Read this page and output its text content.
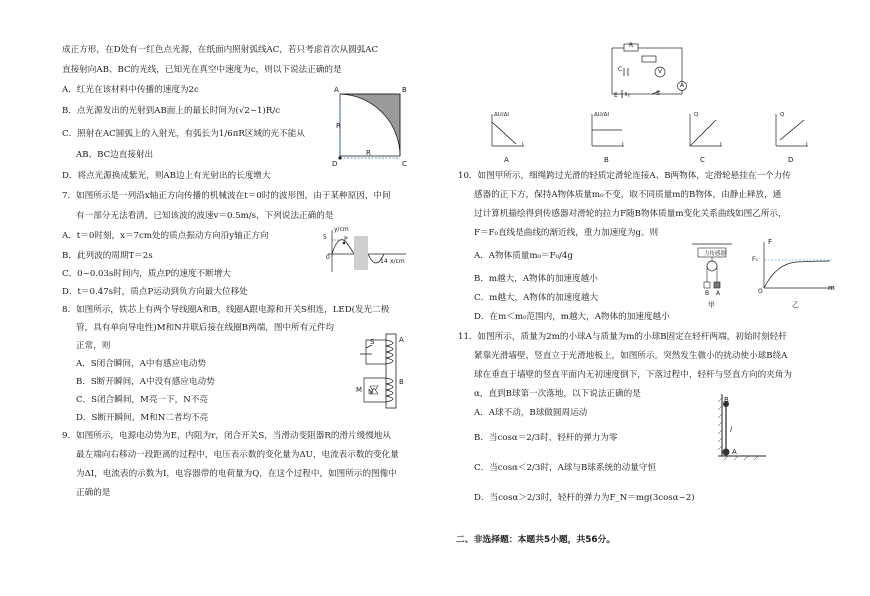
成正方形，在D处有一红色点光源，在纸面内照射弧线AC，若只考虑首次从圆弧AC
直接射向AB、BC的光线，已知光在真空中速度为c，则以下说法正确的是
A．红光在该材料中传播的速度为2c
B．点光源发出的光射到AB面上的最长时间为(√2−1)R/c
C．照射在AC圆弧上的入射光，有弧长为1/6πR区域的光不能从
AB、BC边直接射出
D．将点光源换成紫光，则AB边上有光射出的长度增大
A	B
C
D
R
R
7．如图所示是一列沿x轴正方向传播的机械波在t＝0时的波形图，由于某种原因，中间
有一部分无法看清，已知该波的波速v＝0.5m/s，下列说法正确的是
A．t＝0时刻，x＝7cm处的质点振动方向沿y轴正方向
B．此列波的周期T＝2s
C．0~0.03s时间内，质点P的速度不断增大
D．t＝0.47s时，质点P运动到负方向最大位移处
y/cm
x/cm
5
0
14
P
8．如图所示，铁芯上有两个导线圈A和B，线圈A跟电源和开关S相连，LED(发光二极
管，具有单向导电性)M和N并联后接在线圈B两端，图中所有元件均
正常，则
A．S闭合瞬间，A中有感应电动势
B．S断开瞬间，A中没有感应电动势
C．S闭合瞬间，M亮一下，N不亮
D．S断开瞬间，M和N二者均不亮
S	A
B
M N
9．如图所示，电源电动势为E，内阻为r，闭合开关S，当滑动变阻器R的滑片缓慢地从
最左端向右移动一段距离的过程中，电压表示数的变化量为ΔU，电流表示数的变化量
为ΔI，电流表的示数为I，电容器带的电荷量为Q，在这个过程中，如图所示的图像中
正确的是
R
C	V
A
E r	S
ΔU/ΔI
I
A
ΔU/ΔI
I
B
Q
I
C
Q
I
D
10．如图甲所示，细绳跨过光滑的轻质定滑轮连接A、B两物体，定滑轮悬挂在一个力传
感器的正下方，保持A物体质量m₀不变，取不同质量m的B物体，由静止释放，通
过计算机描绘得到传感器对滑轮的拉力F随B物体质量m变化关系曲线如图乙所示，
F＝F₀直线是曲线的渐近线，重力加速度为g。则
A．A物体质量m₀＝F₀/4g
B．m越大，A物体的加速度越小
C．m越大，A物体的加速度越大
D．在m＜m₀范围内，m越大，A物体的加速度越小
力传感器
B A
甲
F
F₀
O	m
乙
11．如图所示，质量为2m的小球A与质量为m的小球B固定在轻杆两端，初始时刻轻杆
紧靠光滑墙壁，竖直立于光滑地板上，如图所示。突然发生微小的扰动使小球B绕A
球在垂直于墙壁的竖直平面内无初速度倒下，下落过程中，轻杆与竖直方向的夹角为
α，直到B球第一次落地，以下说法正确的是
A．A球不动，B球做圆周运动
B．当cosα＝2/3时，轻杆的弹力为零
C．当cosα＜2/3时，A球与B球系统的动量守恒
D．当cosα＞2/3时，轻杆的弹力为F_N＝mg(3cosα−2)
B
A
l
二、非选择题：本题共5小题，共56分。
